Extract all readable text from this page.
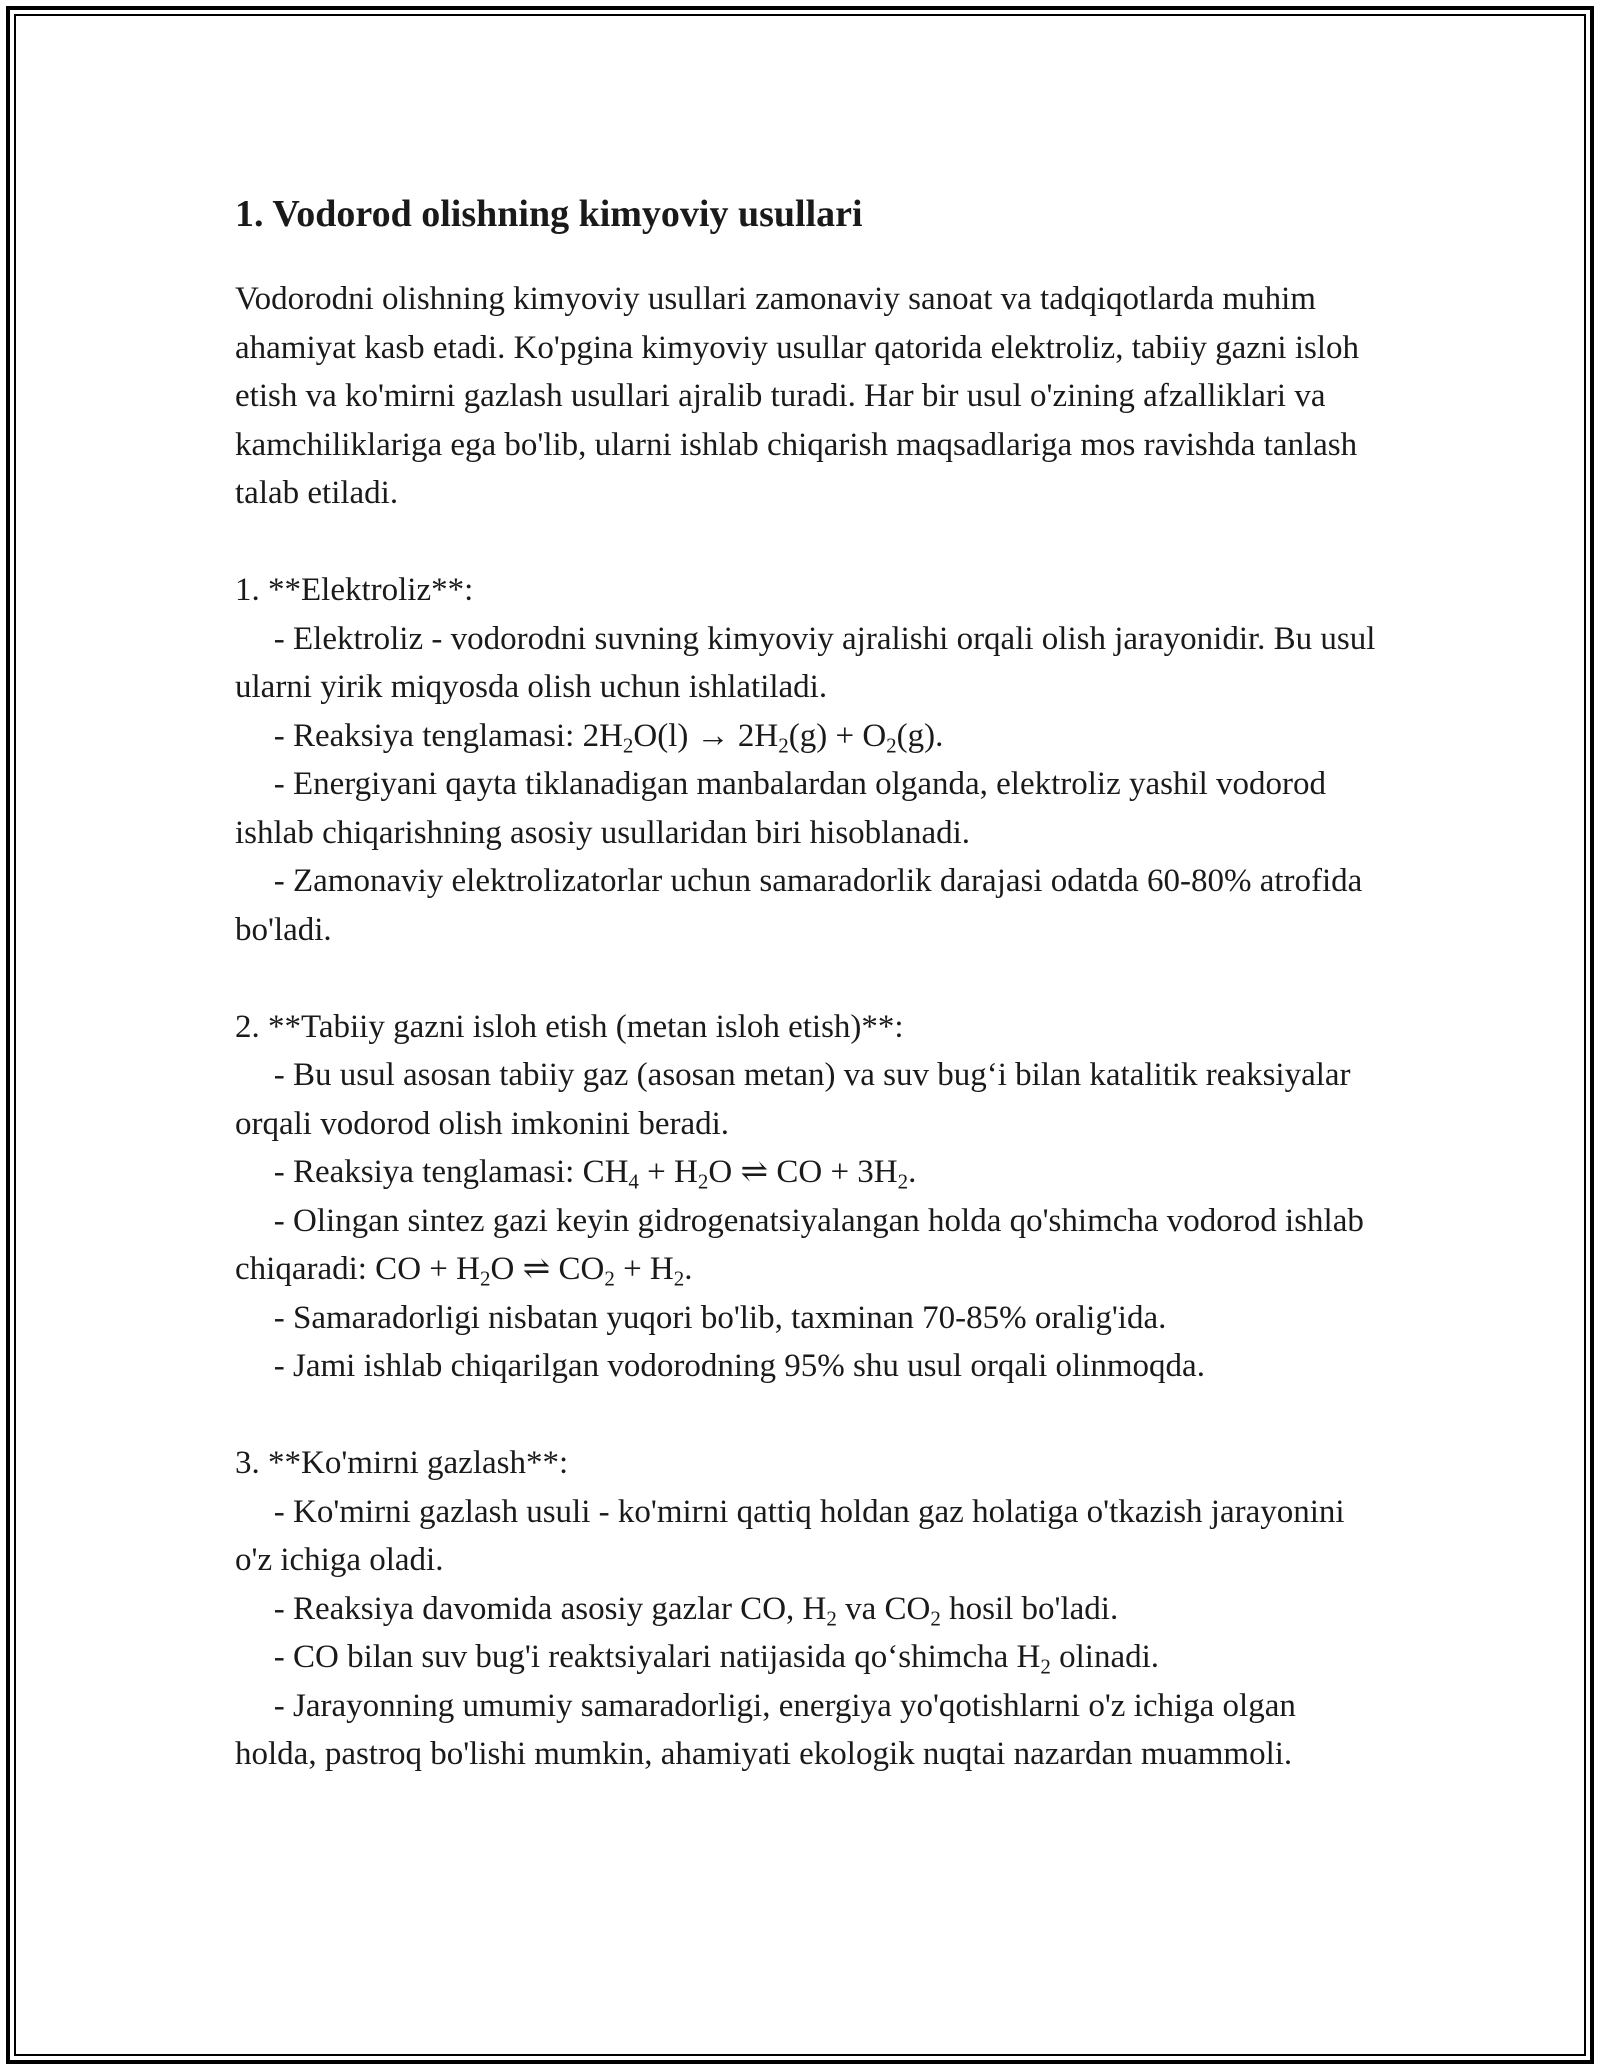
1. Vodorod olishning kimyoviy usullari

Vodorodni olishning kimyoviy usullari zamonaviy sanoat va tadqiqotlarda muhim ahamiyat kasb etadi. Ko'pgina kimyoviy usullar qatorida elektroliz, tabiiy gazni isloh etish va ko'mirni gazlash usullari ajralib turadi. Har bir usul o'zining afzalliklari va kamchiliklariga ega bo'lib, ularni ishlab chiqarish maqsadlariga mos ravishda tanlash talab etiladi.

1. **Elektroliz**:

- Elektroliz - vodorodni suvning kimyoviy ajralishi orqali olish jarayonidir. Bu usul ularni yirik miqyosda olish uchun ishlatiladi.

- Reaksiya tenglamasi: $2H_2O(l) \to 2H_2(g) + O_2(g)$.

- Energiyani qayta tiklanadigan manbalardan olganda, elektroliz yashil vodorod ishlab chiqarishning asosiy usullaridan biri hisoblanadi.

- Zamonaviy elektrolizatorlar uchun samaradorlik darajasi odatda 60-80% atrofida bo'ladi.

2. **Tabiiy gazni isloh etish (metan isloh etish)**:

- Bu usul asosan tabiiy gaz (asosan metan) va suv bug‘i bilan katalitik reaksiyalar orqali vodorod olish imkonini beradi.

- Reaksiya tenglamasi: $CH_4 + H_2O$ ⇌ CO + $3H_2$.

- Olingan sintez gazi keyin gidrogenatsiyalangan holda qo'shimcha vodorod ishlab chiqaradi: CO + $H_2O$ ⇌ $CO_2 + H_2$.

- Samaradorligi nisbatan yuqori bo'lib, taxminan 70-85% oralig'ida.

- Jami ishlab chiqarilgan vodorodning 95% shu usul orqali olinmoqda.

3. **Ko'mirni gazlash**:

- Ko'mirni gazlash usuli - ko'mirni qattiq holdan gaz holatiga o'tkazish jarayonini o'z ichiga oladi.

- Reaksiya davomida asosiy gazlar CO, $H_2$ va $CO_2$ hosil bo'ladi.

- CO bilan suv bug'i reaktsiyalari natijasida qo‘shimcha $H_2$ olinadi.

- Jarayonning umumiy samaradorligi, energiya yo'qotishlarni o'z ichiga olgan holda, pastroq bo'lishi mumkin, ahamiyati ekologik nuqtai nazardan muammoli.
